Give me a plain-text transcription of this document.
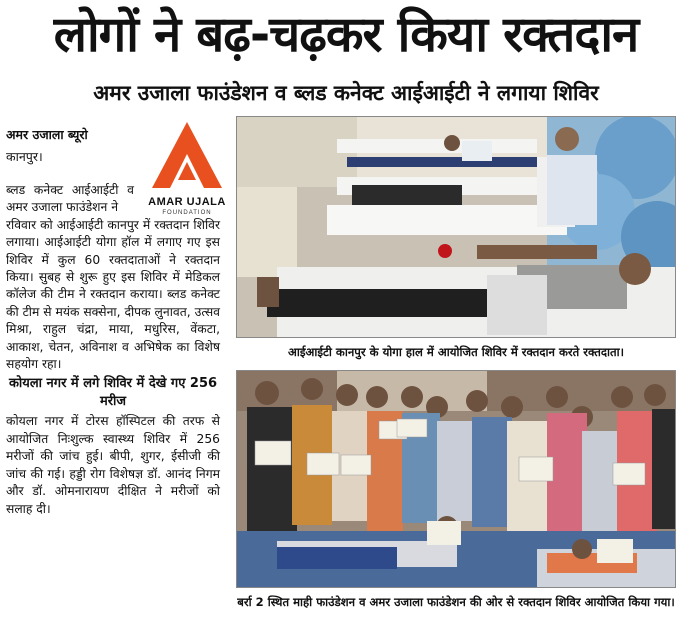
लोगों ने बढ़-चढ़कर किया रक्तदान
अमर उजाला फाउंडेशन व ब्लड कनेक्ट आईआईटी ने लगाया शिविर
अमर उजाला ब्यूरो
कानपुर।

ब्लड कनेक्ट आईआईटी व अमर उजाला फाउंडेशन ने

रविवार को आईआईटी कानपुर में रक्तदान शिविर लगाया। आईआईटी योगा हॉल में लगाए गए इस शिविर में कुल 60 रक्तदाताओं ने रक्तदान किया। सुबह से शुरू हुए इस शिविर में मेडिकल कॉलेज की टीम ने रक्तदान कराया। ब्लड कनेक्ट की टीम से मयंक सक्सेना, दीपक लुनावत, उत्सव मिश्रा, राहुल चंद्रा, माया, मधुरिस, वेंकटा, आकाश, चेतन, अविनाश व अभिषेक का विशेष सहयोग रहा।

कोयला नगर में लगे शिविर में देखे गए 256 मरीज

कोयला नगर में टोरस हॉस्पिटल की तरफ से आयोजित निःशुल्क स्वास्थ्य शिविर में 256 मरीजों की जांच हुई। बीपी, शुगर, ईसीजी की जांच की गई। हड्डी रोग विशेषज्ञ डॉ. आनंद निगम और डॉ. ओमनारायण दीक्षित ने मरीजों को सलाह दी।

AMAR UJALA
FOUNDATION
आईआईटी कानपुर के योगा हाल में आयोजित शिविर में रक्तदान करते रक्तदाता।
बर्रा 2 स्थित माही फाउंडेशन व अमर उजाला फाउंडेशन की ओर से रक्तदान शिविर आयोजित किया गया।
